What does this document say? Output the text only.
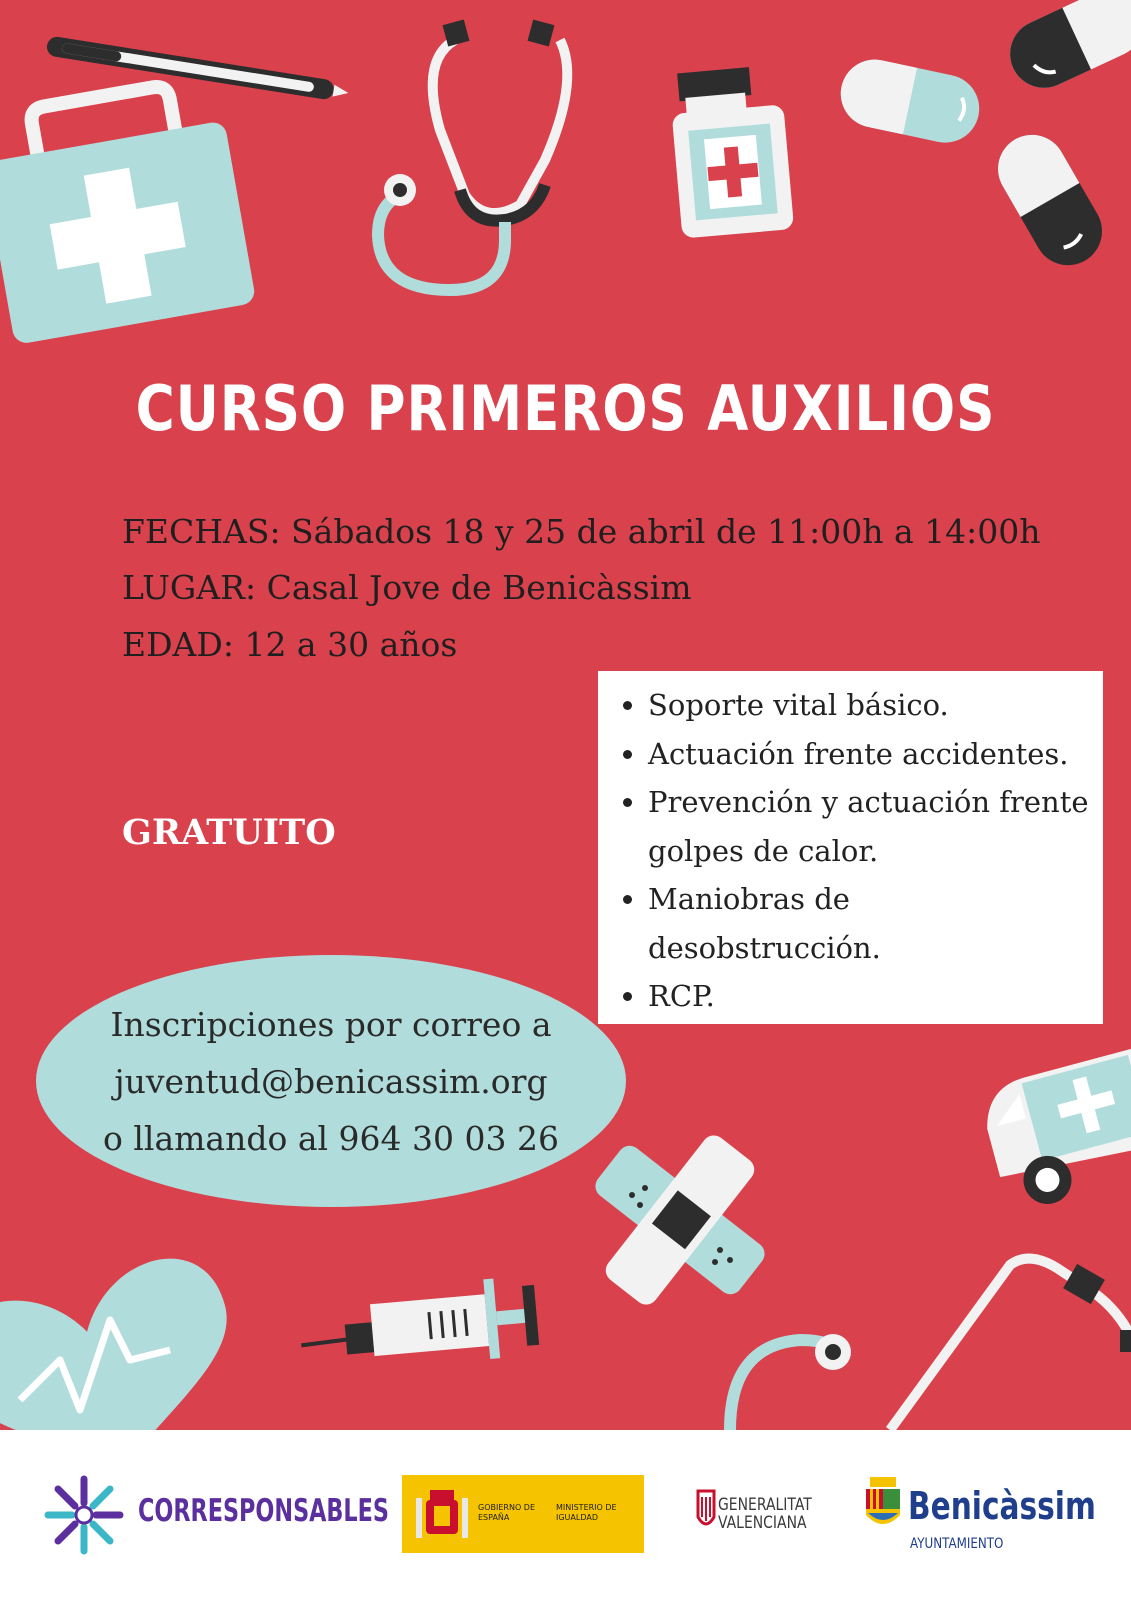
CURSO PRIMEROS AUXILIOS
FECHAS: Sábados 18 y 25 de abril de 11:00h a 14:00h
LUGAR: Casal Jove de Benicàssim
EDAD: 12 a 30 años
GRATUITO
• Soporte vital básico.
• Actuación frente accidentes.
• Prevención y actuación frente golpes de calor.
• Maniobras de desobstrucción.
• RCP.
Inscripciones por correo a
juventud@benicassim.org
o llamando al 964 30 03 26
CORRESPONSABLES	GOBIERNO DE ESPAÑA
MINISTERIO DE IGUALDAD
GENERALITAT VALENCIANA	Benicàssim
AYUNTAMIENTO
